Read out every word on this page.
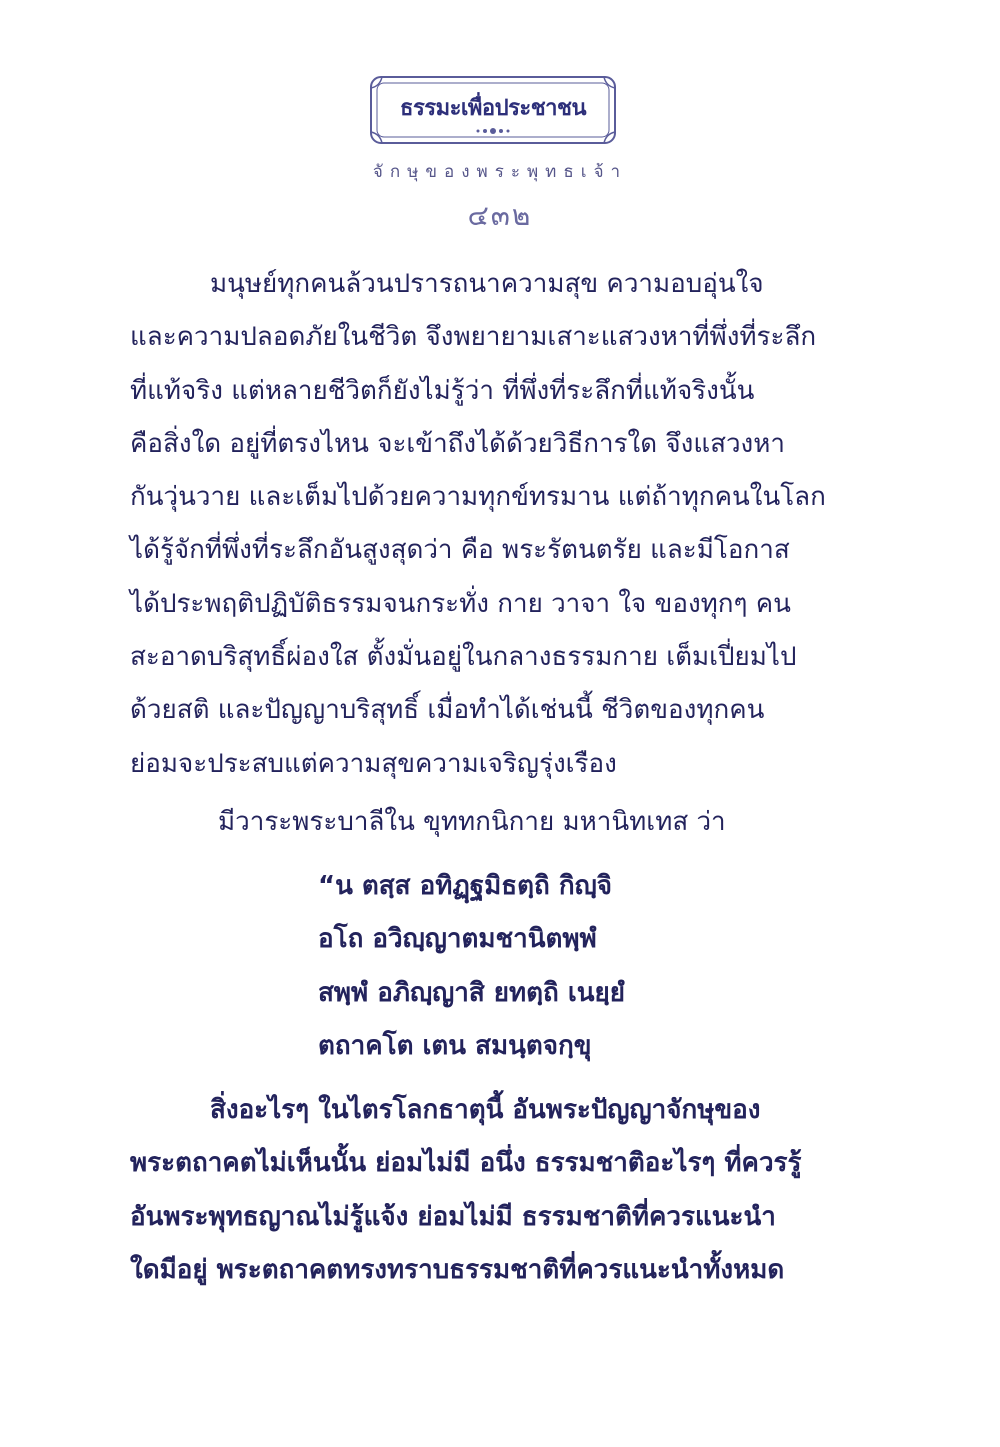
ธรรมะเพื่อประชาชน
จักษุของพระพุทธเจ้า
๔๓๒
มนุษย์ทุกคนล้วนปรารถนาความสุข ความอบอุ่นใจ
และความปลอดภัยในชีวิต จึงพยายามเสาะแสวงหาที่พึ่งที่ระลึก
ที่แท้จริง แต่หลายชีวิตก็ยังไม่รู้ว่า ที่พึ่งที่ระลึกที่แท้จริงนั้น
คือสิ่งใด อยู่ที่ตรงไหน จะเข้าถึงได้ด้วยวิธีการใด จึงแสวงหา
กันวุ่นวาย และเต็มไปด้วยความทุกข์ทรมาน แต่ถ้าทุกคนในโลก
ได้รู้จักที่พึ่งที่ระลึกอันสูงสุดว่า คือ พระรัตนตรัย และมีโอกาส
ได้ประพฤติปฏิบัติธรรมจนกระทั่ง กาย วาจา ใจ ของทุกๆ คน
สะอาดบริสุทธิ์ผ่องใส ตั้งมั่นอยู่ในกลางธรรมกาย เต็มเปี่ยมไป
ด้วยสติ และปัญญาบริสุทธิ์ เมื่อทำได้เช่นนี้ ชีวิตของทุกคน
ย่อมจะประสบแต่ความสุขความเจริญรุ่งเรือง

มีวาระพระบาลีใน ขุททกนิกาย มหานิทเทส ว่า

“น ตสฺส อทิฏฺฐมิธตฺถิ กิญฺจิ
อโถ อวิญฺญาตมชานิตพฺพํ
สพฺพํ อภิญฺญาสิ ยทตฺถิ เนยฺยํ
ตถาคโต เตน สมนฺตจกฺขุ
สิ่งอะไรๆ ในไตรโลกธาตุนี้ อันพระปัญญาจักษุของ
พระตถาคตไม่เห็นนั้น ย่อมไม่มี อนึ่ง ธรรมชาติอะไรๆ ที่ควรรู้
อันพระพุทธญาณไม่รู้แจ้ง ย่อมไม่มี ธรรมชาติที่ควรแนะนำ
ใดมีอยู่ พระตถาคตทรงทราบธรรมชาติที่ควรแนะนำทั้งหมด
